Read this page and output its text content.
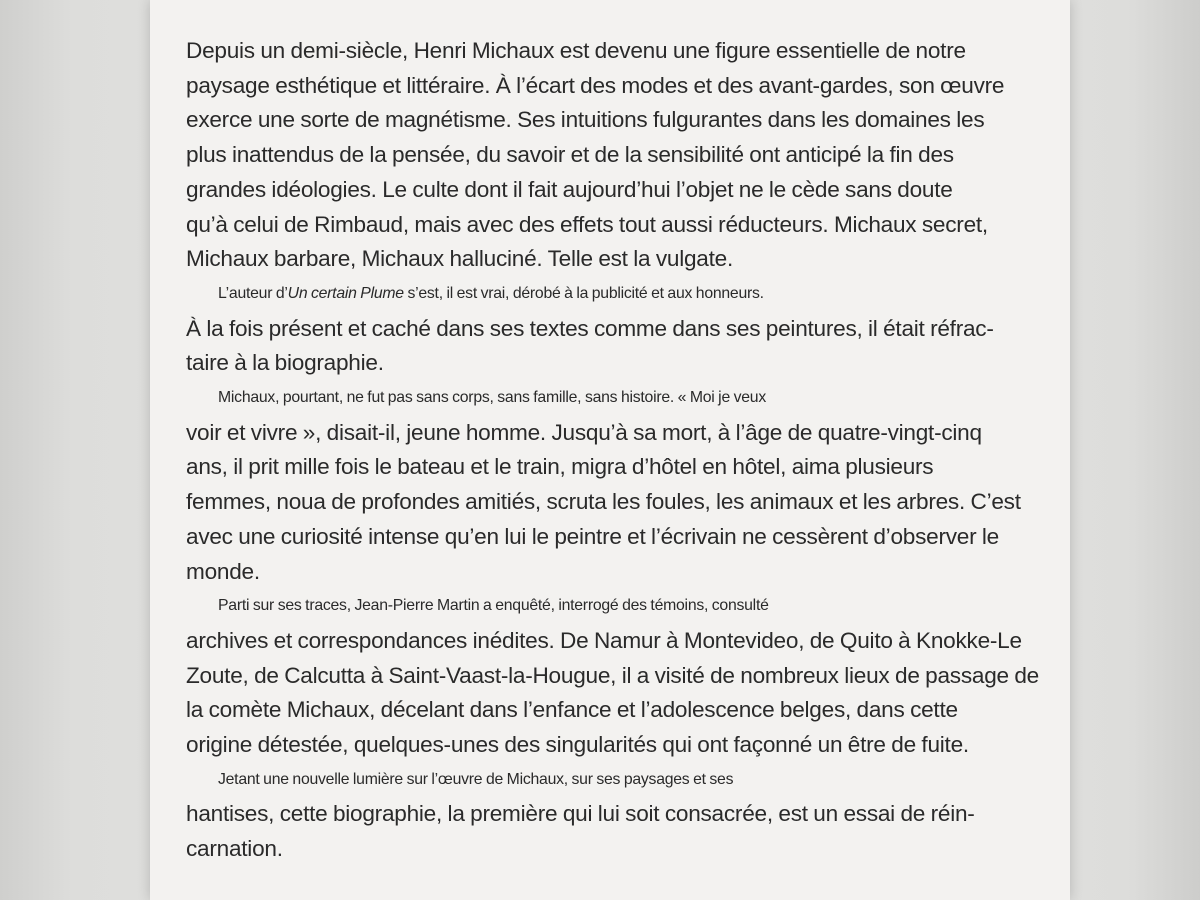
Depuis un demi-siècle, Henri Michaux est devenu une figure essentielle de notre
paysage esthétique et littéraire. À l’écart des modes et des avant-gardes, son œuvre
exerce une sorte de magnétisme. Ses intuitions fulgurantes dans les domaines les
plus inattendus de la pensée, du savoir et de la sensibilité ont anticipé la fin des
grandes idéologies. Le culte dont il fait aujourd’hui l’objet ne le cède sans doute
qu’à celui de Rimbaud, mais avec des effets tout aussi réducteurs. Michaux secret,
Michaux barbare, Michaux halluciné. Telle est la vulgate.
L’auteur d’Un certain Plume s’est, il est vrai, dérobé à la publicité et aux honneurs.
À la fois présent et caché dans ses textes comme dans ses peintures, il était réfrac-
taire à la biographie.
Michaux, pourtant, ne fut pas sans corps, sans famille, sans histoire. « Moi je veux
voir et vivre », disait-il, jeune homme. Jusqu’à sa mort, à l’âge de quatre-vingt-cinq
ans, il prit mille fois le bateau et le train, migra d’hôtel en hôtel, aima plusieurs
femmes, noua de profondes amitiés, scruta les foules, les animaux et les arbres. C’est
avec une curiosité intense qu’en lui le peintre et l’écrivain ne cessèrent d’observer le
monde.
Parti sur ses traces, Jean-Pierre Martin a enquêté, interrogé des témoins, consulté
archives et correspondances inédites. De Namur à Montevideo, de Quito à Knokke-Le
Zoute, de Calcutta à Saint-Vaast-la-Hougue, il a visité de nombreux lieux de passage de
la comète Michaux, décelant dans l’enfance et l’adolescence belges, dans cette
origine détestée, quelques-unes des singularités qui ont façonné un être de fuite.
Jetant une nouvelle lumière sur l’œuvre de Michaux, sur ses paysages et ses
hantises, cette biographie, la première qui lui soit consacrée, est un essai de réin-
carnation.
